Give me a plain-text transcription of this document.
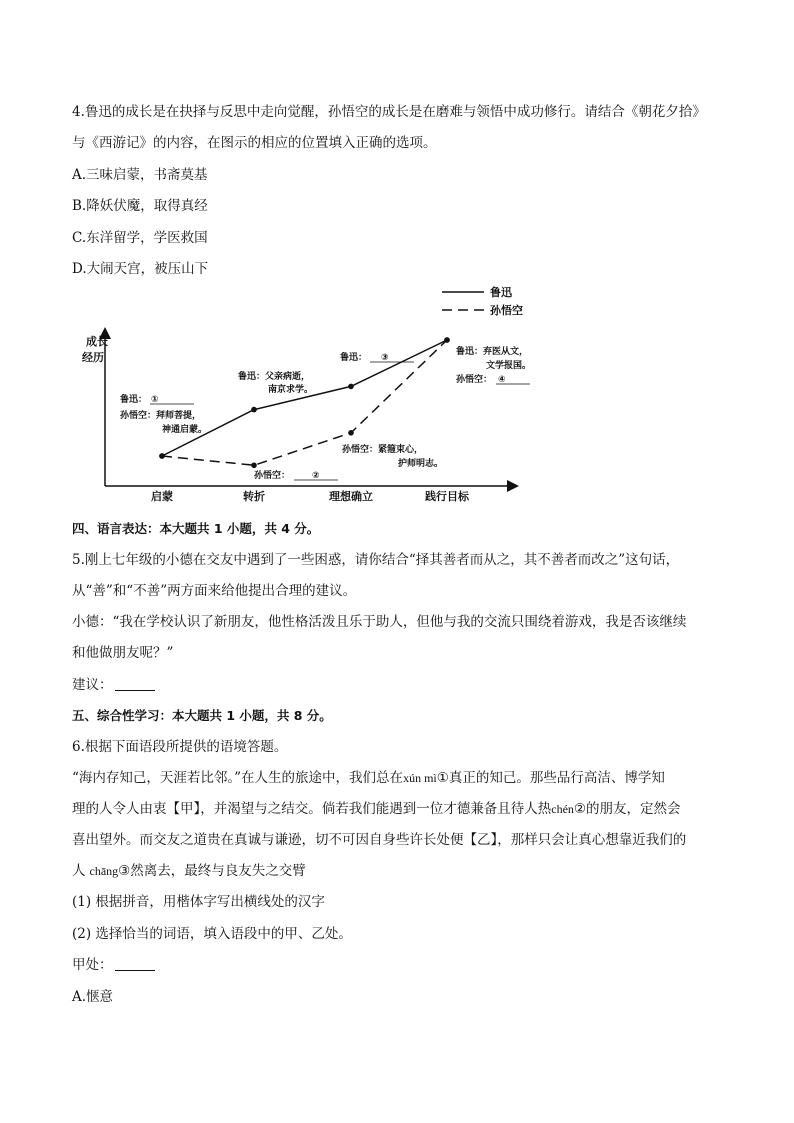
4.鲁迅的成长是在抉择与反思中走向觉醒，孙悟空的成长是在磨难与领悟中成功修行。请结合《朝花夕拾》
与《西游记》的内容，在图示的相应的位置填入正确的选项。
A.三味启蒙，书斋莫基
B.降妖伏魔，取得真经
C.东洋留学，学医救国
D.大闹天宫，被压山下
成长
经历
鲁迅
孙悟空
启蒙	转折	理想确立	践行目标
鲁迅： ①
孙悟空：拜师菩提，
神通启蒙。
鲁迅：父亲病逝，
南京求学。
孙悟空： ②
鲁迅： ③
孙悟空：紧箍束心，
护师明志。
鲁迅：弃医从文，
文学报国。
孙悟空： ④
四、语言表达：本大题共 1 小题，共 4 分。
5.刚上七年级的小德在交友中遇到了一些困惑，请你结合“择其善者而从之，其不善者而改之”这句话，
从“善”和“不善”两方面来给他提出合理的建议。
小德：“我在学校认识了新朋友，他性格活泼且乐于助人，但他与我的交流只围绕着游戏，我是否该继续
和他做朋友呢？”
建议：
五、综合性学习：本大题共 1 小题，共 8 分。
6.根据下面语段所提供的语境答题。
“海内存知己，天涯若比邻。”在人生的旅途中，我们总在xún mì①真正的知己。那些品行高洁、博学知
理的人令人由衷【甲】，并渴望与之结交。倘若我们能遇到一位才德兼备且待人热chén②的朋友，定然会
喜出望外。而交友之道贵在真诚与谦逊，切不可因自身些许长处便【乙】，那样只会让真心想靠近我们的
人 chāng③然离去，最终与良友失之交臂
(1) 根据拼音，用楷体字写出横线处的汉字
(2) 选择恰当的词语，填入语段中的甲、乙处。
甲处：
A.惬意
